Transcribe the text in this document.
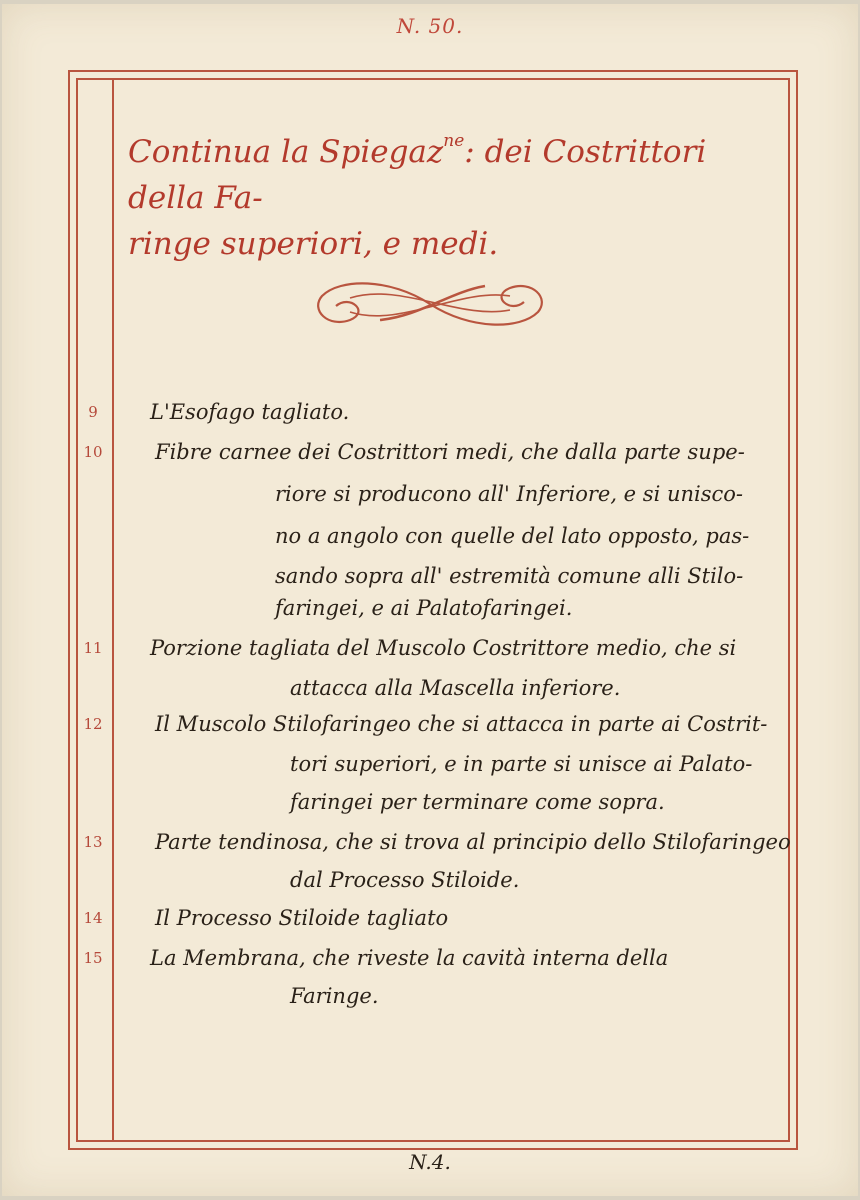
N. 50.
Continua la Spiegaz$^{ne}$: dei Costrittori della Fa-
ringe superiori, e medi.
9	L'Esofago tagliato.
10 Fibre carnee dei Costrittori medi, che dalla parte supe-
riore si producono all' Inferiore, e si unisco-
no a angolo con quelle del lato opposto, pas-
sando sopra all' estremità comune alli Stilo-
faringei, e ai Palatofaringei.
11 Porzione tagliata del Muscolo Costrittore medio, che si
attacca alla Mascella inferiore.
12 Il Muscolo Stilofaringeo che si attacca in parte ai Costrit-
tori superiori, e in parte si unisce ai Palato-
faringei per terminare come sopra.
13 Parte tendinosa, che si trova al principio dello Stilofaringeo
dal Processo Stiloide.
14 Il Processo Stiloide tagliato
15 La Membrana, che riveste la cavità interna della
Faringe.
N.4.
